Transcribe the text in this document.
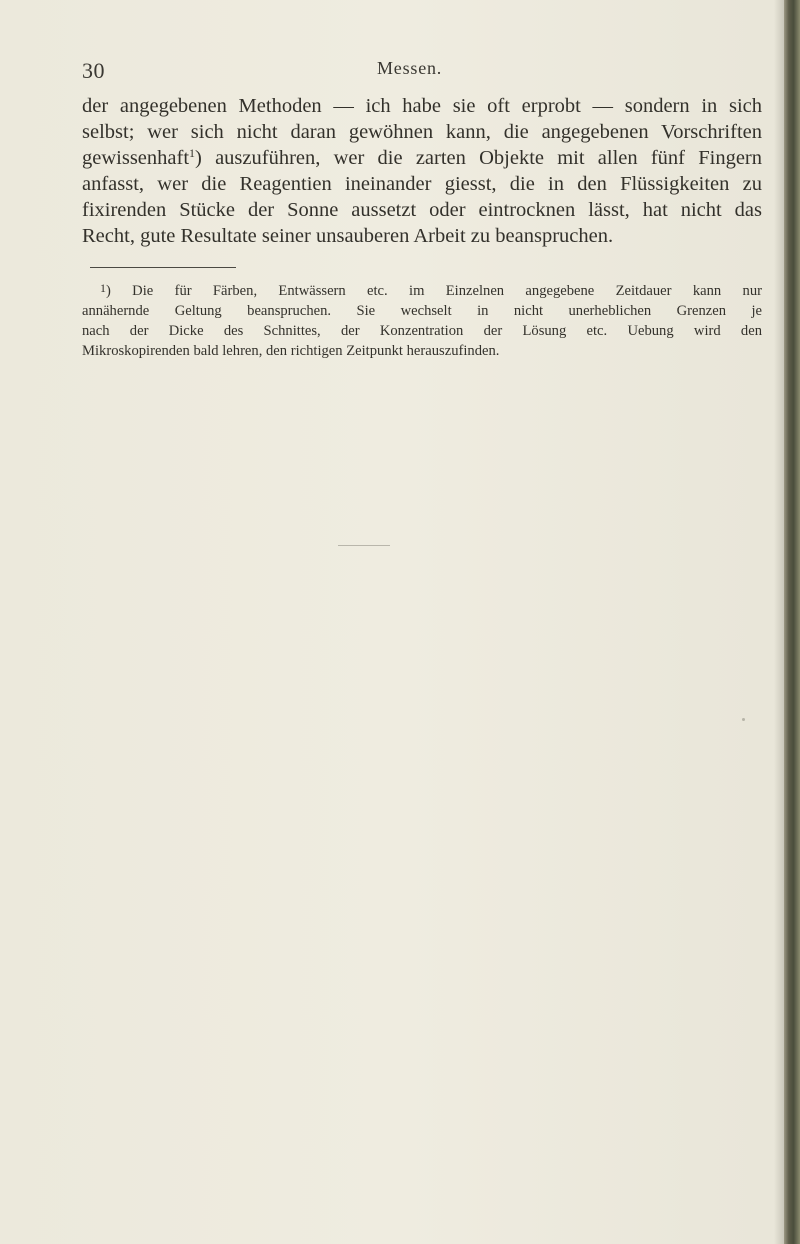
30	Messen.
der angegebenen Methoden — ich habe sie oft erprobt — sondern in sich
selbst; wer sich nicht daran gewöhnen kann, die angegebenen Vorschriften
gewissenhaft$^1$) auszuführen, wer die zarten Objekte mit allen fünf Fingern
anfasst, wer die Reagentien ineinander giesst, die in den Flüssigkeiten zu
fixirenden Stücke der Sonne aussetzt oder eintrocknen lässt, hat nicht das
Recht, gute Resultate seiner unsauberen Arbeit zu beanspruchen.
$^1$) Die für Färben, Entwässern etc. im Einzelnen angegebene Zeitdauer kann nur
annähernde Geltung beanspruchen. Sie wechselt in nicht unerheblichen Grenzen je
nach der Dicke des Schnittes, der Konzentration der Lösung etc. Uebung wird den
Mikroskopirenden bald lehren, den richtigen Zeitpunkt herauszufinden.
